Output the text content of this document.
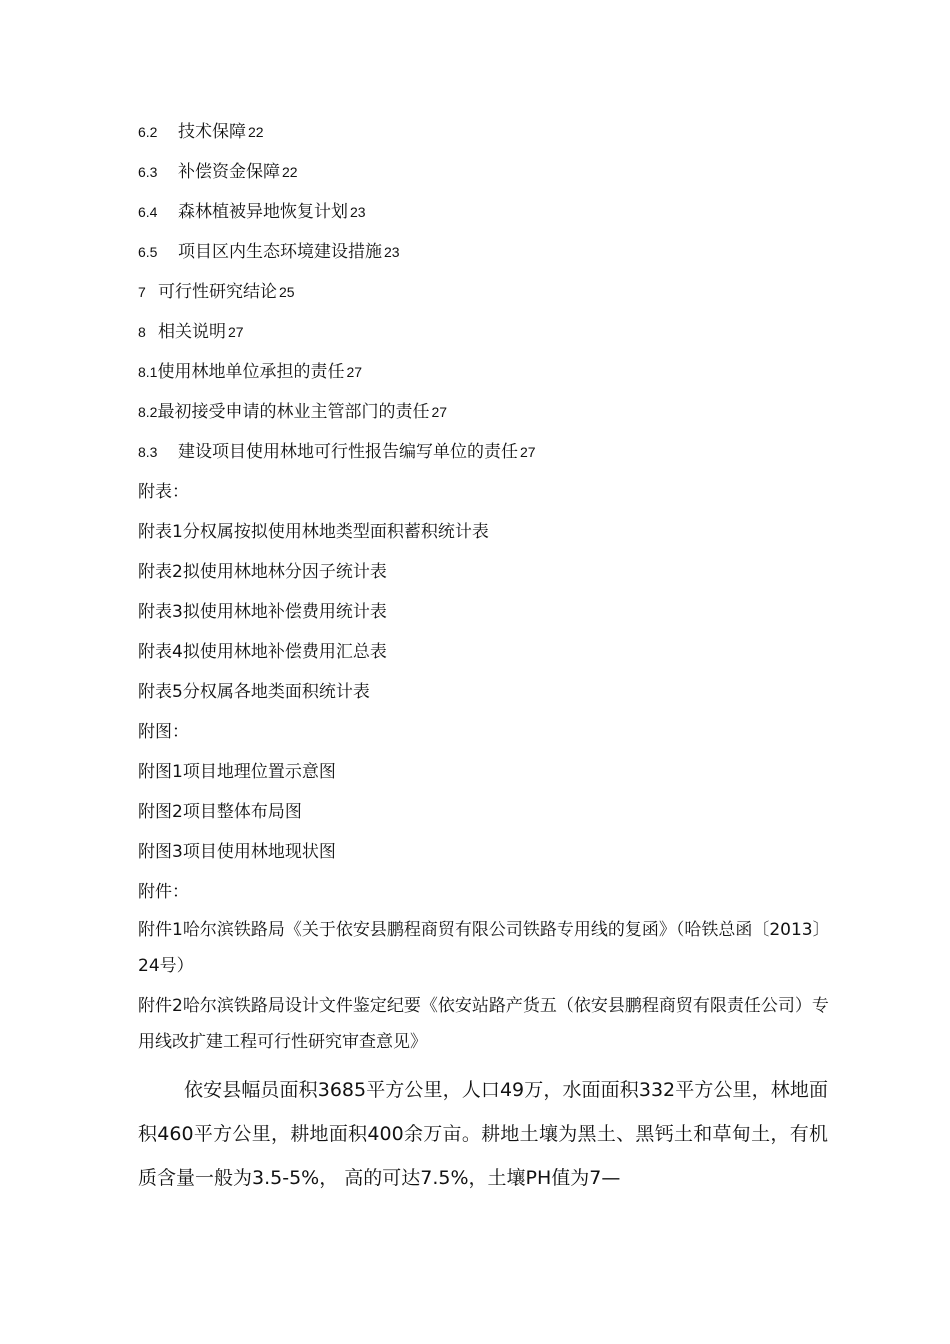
6.2 技术保障 22
6.3 补偿资金保障 22
6.4 森林植被异地恢复计划 23
6.5 项目区内生态环境建设措施 23
7 可行性研究结论 25
8 相关说明 27
8.1使用林地单位承担的责任 27
8.2最初接受申请的林业主管部门的责任 27
8.3 建设项目使用林地可行性报告编写单位的责任 27
附表：
附表1分权属按拟使用林地类型面积蓄积统计表
附表2拟使用林地林分因子统计表
附表3拟使用林地补偿费用统计表
附表4拟使用林地补偿费用汇总表
附表5分权属各地类面积统计表
附图：
附图1项目地理位置示意图
附图2项目整体布局图
附图3项目使用林地现状图
附件：
附件1哈尔滨铁路局《关于依安县鹏程商贸有限公司铁路专用线的复函》（哈铁总函〔2013〕24号）
附件2哈尔滨铁路局设计文件鉴定纪要《依安站路产货五（依安县鹏程商贸有限责任公司）专用线改扩建工程可行性研究审查意见》
依安县幅员面积3685平方公里，人口49万，水面面积332平方公里，林地面积460平方公里，耕地面积400余万亩。耕地土壤为黑土、黑钙土和草甸土，有机质含量一般为3.5-5%， 高的可达7.5%，土壤PH值为7—
